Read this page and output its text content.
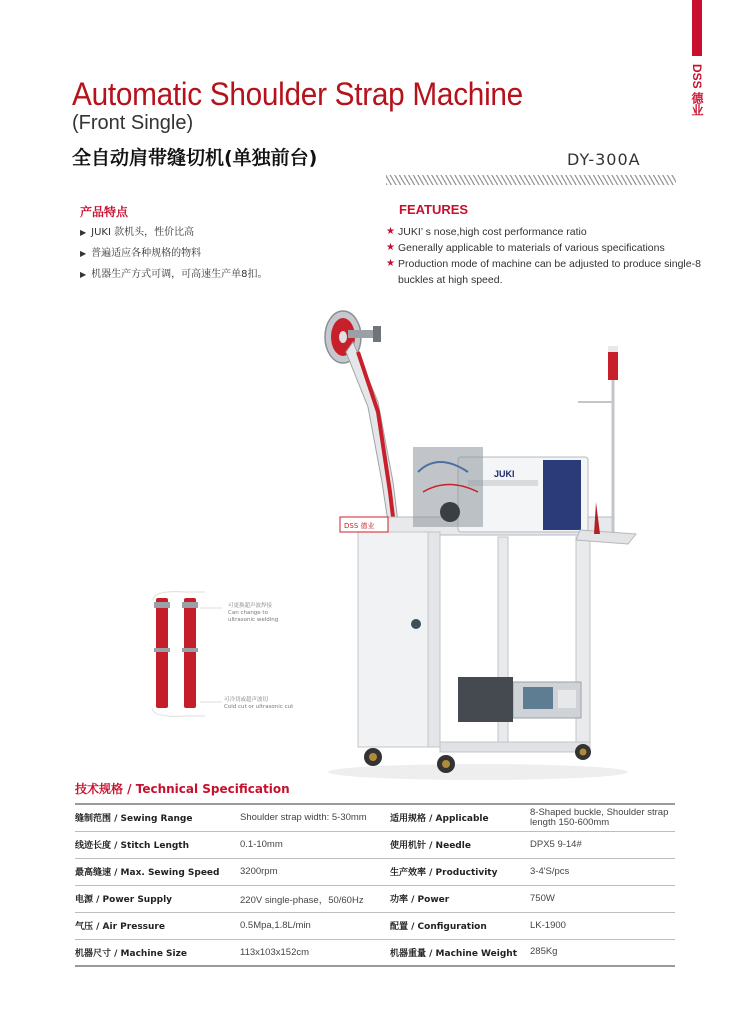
DSS 德业
Automatic Shoulder Strap Machine
(Front Single)
全自动肩带缝切机(单独前台)	DY-300A
产品特点
▶ JUKI 款机头，性价比高
▶ 普遍适应各种规格的物料
▶ 机器生产方式可调，可高速生产单8扣。
FEATURES
★ JUKI’ s nose,high cost performance ratio
★ Generally applicable to materials of various specifications
★ Production mode of machine can be adjusted to produce single-8 buckles at high speed.
JUKI
DSS 德业
可更换超声波焊接
Can change to
ultrasonic welding
可冷切或超声波切
Cold cut or ultrasonic cut
技术规格 / Technical Specification
缝制范围 / Sewing Range	Shoulder strap width: 5-30mm	适用规格 / Applicable	8-Shaped buckle, Shoulder strap length 150-600mm
线迹长度 / Stitch Length	0.1-10mm	使用机针 / Needle	DPX5 9-14#
最高缝速 / Max. Sewing Speed	3200rpm	生产效率 / Productivity	3-4'S/pcs
电源 / Power Supply	220V single-phase，50/60Hz	功率 / Power	750W
气压 / Air Pressure	0.5Mpa,1.8L/min	配置 / Configuration	LK-1900
机器尺寸 / Machine Size	113x103x152cm	机器重量 / Machine Weight	285Kg
